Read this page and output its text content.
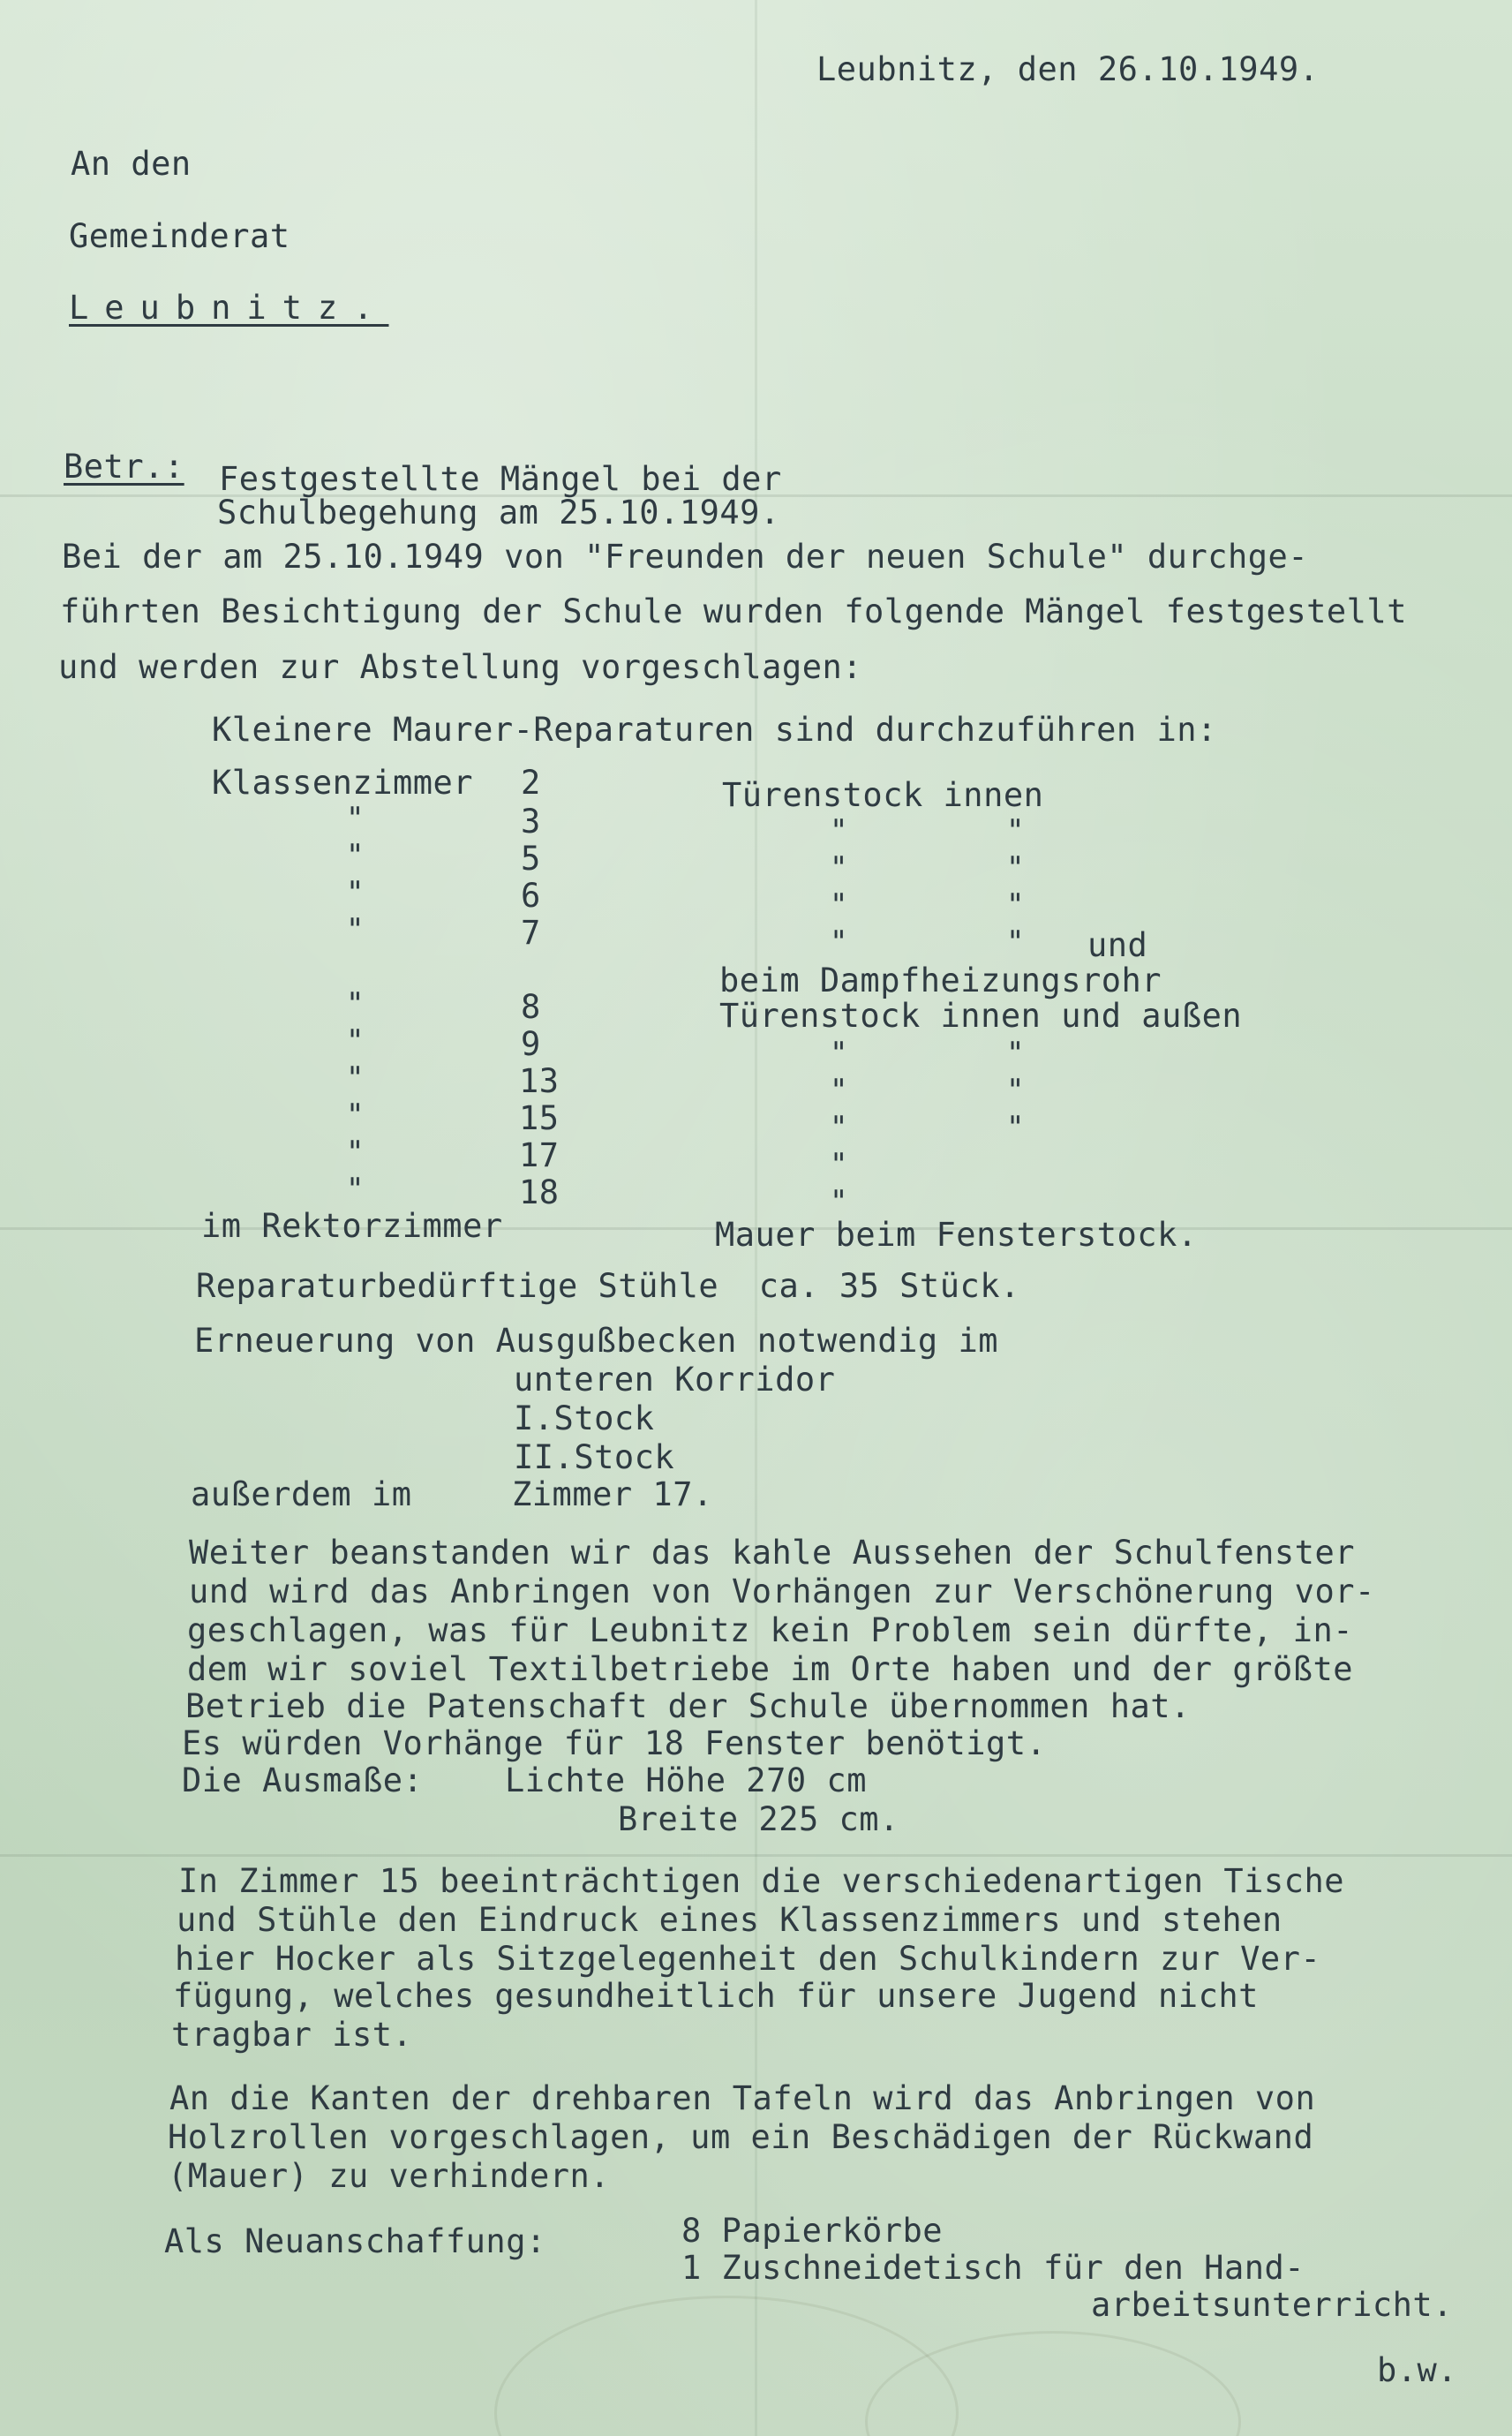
Leubnitz, den 26.10.1949.
An den
Gemeinderat
Leubnitz.
Betr.: Festgestellte Mängel bei der
Schulbegehung am 25.10.1949.
Bei der am 25.10.1949 von "Freunden der neuen Schule" durchge-
führten Besichtigung der Schule wurden folgende Mängel festgestellt
und werden zur Abstellung vorgeschlagen:
Kleinere Maurer-Reparaturen sind durchzuführen in:
Klassenzimmer 2	Türenstock innen
"	3	"	"
"	5	"	"
"	6	"	"
"	7	"	" und
beim Dampfheizungsrohr
"	8	Türenstock innen und außen
"	9	"	"
"	13	"	"
"	15	"	"
"	17	"
"	18	"
im Rektorzimmer	Mauer beim Fensterstock.
Reparaturbedürftige Stühle  ca. 35 Stück.
Erneuerung von Ausgußbecken notwendig im
unteren Korridor
I.Stock
II.Stock
außerdem im	Zimmer 17.
Weiter beanstanden wir das kahle Aussehen der Schulfenster
und wird das Anbringen von Vorhängen zur Verschönerung vor-
geschlagen, was für Leubnitz kein Problem sein dürfte, in-
dem wir soviel Textilbetriebe im Orte haben und der größte
Betrieb die Patenschaft der Schule übernommen hat.
Es würden Vorhänge für 18 Fenster benötigt.
Die Ausmaße:	Lichte Höhe 270 cm
Breite 225 cm.
In Zimmer 15 beeinträchtigen die verschiedenartigen Tische
und Stühle den Eindruck eines Klassenzimmers und stehen
hier Hocker als Sitzgelegenheit den Schulkindern zur Ver-
fügung, welches gesundheitlich für unsere Jugend nicht
tragbar ist.
An die Kanten der drehbaren Tafeln wird das Anbringen von
Holzrollen vorgeschlagen, um ein Beschädigen der Rückwand
(Mauer) zu verhindern.
Als Neuanschaffung:	8 Papierkörbe
1 Zuschneidetisch für den Hand-
arbeitsunterricht.
b.w.
